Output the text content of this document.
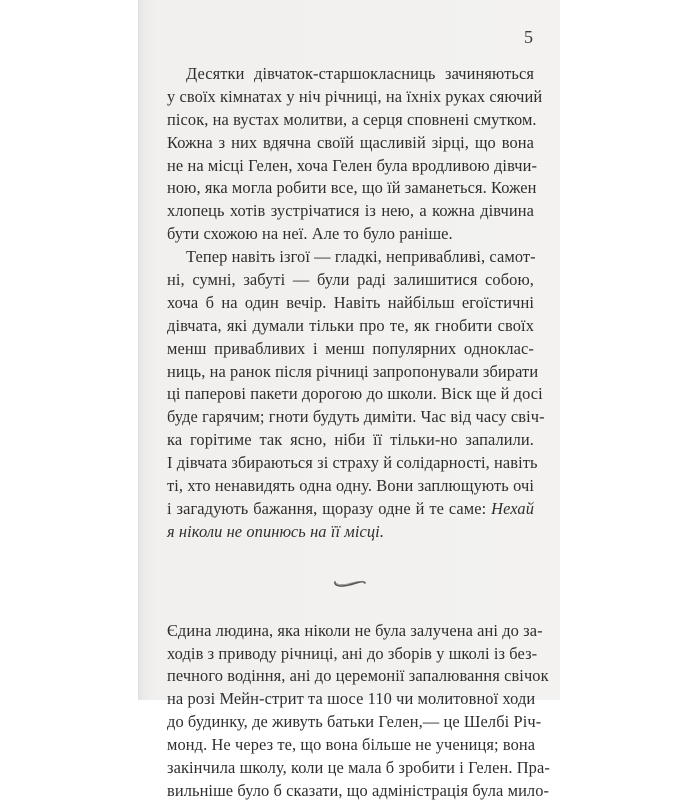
5

Десятки дівчаток-старшокласниць зачиняються
у своїх кімнатах у ніч річниці, на їхніх руках сяючий
пісок, на вустах молитви, а серця сповнені смутком.
Кожна з них вдячна своїй щасливій зірці, що вона
не на місці Гелен, хоча Гелен була вродливою дівчи-
ною, яка могла робити все, що їй заманеться. Кожен
хлопець хотів зустрічатися із нею, а кожна дівчина
бути схожою на неї. Але то було раніше.

Тепер навіть ізгої — гладкі, непривабливі, самот-
ні, сумні, забуті — були раді залишитися собою,
хоча б на один вечір. Навіть найбільш егоїстичні
дівчата, які думали тільки про те, як гнобити своїх
менш привабливих і менш популярних одноклас-
ниць, на ранок після річниці запропонували збирати
ці паперові пакети дорогою до школи. Віск ще й досі
буде гарячим; гноти будуть диміти. Час від часу свіч-
ка горітиме так ясно, ніби її тільки-но запалили.
І дівчата збираються зі страху й солідарності, навіть
ті, хто ненавидять одна одну. Вони заплющують очі
і загадують бажання, щоразу одне й те саме: Нехай
я ніколи не опинюсь на її місці.

Єдина людина, яка ніколи не була залучена ані до за-
ходів з приводу річниці, ані до зборів у школі із без-
печного водіння, ані до церемонії запалювання свічок
на розі Мейн-стрит та шосе 110 чи молитовної ходи
до будинку, де живуть батьки Гелен,— це Шелбі Річ-
монд. Не через те, що вона більше не учениця; вона
закінчила школу, коли це мала б зробити і Гелен. Пра-
вильніше було б сказати, що адміністрація була мило-
